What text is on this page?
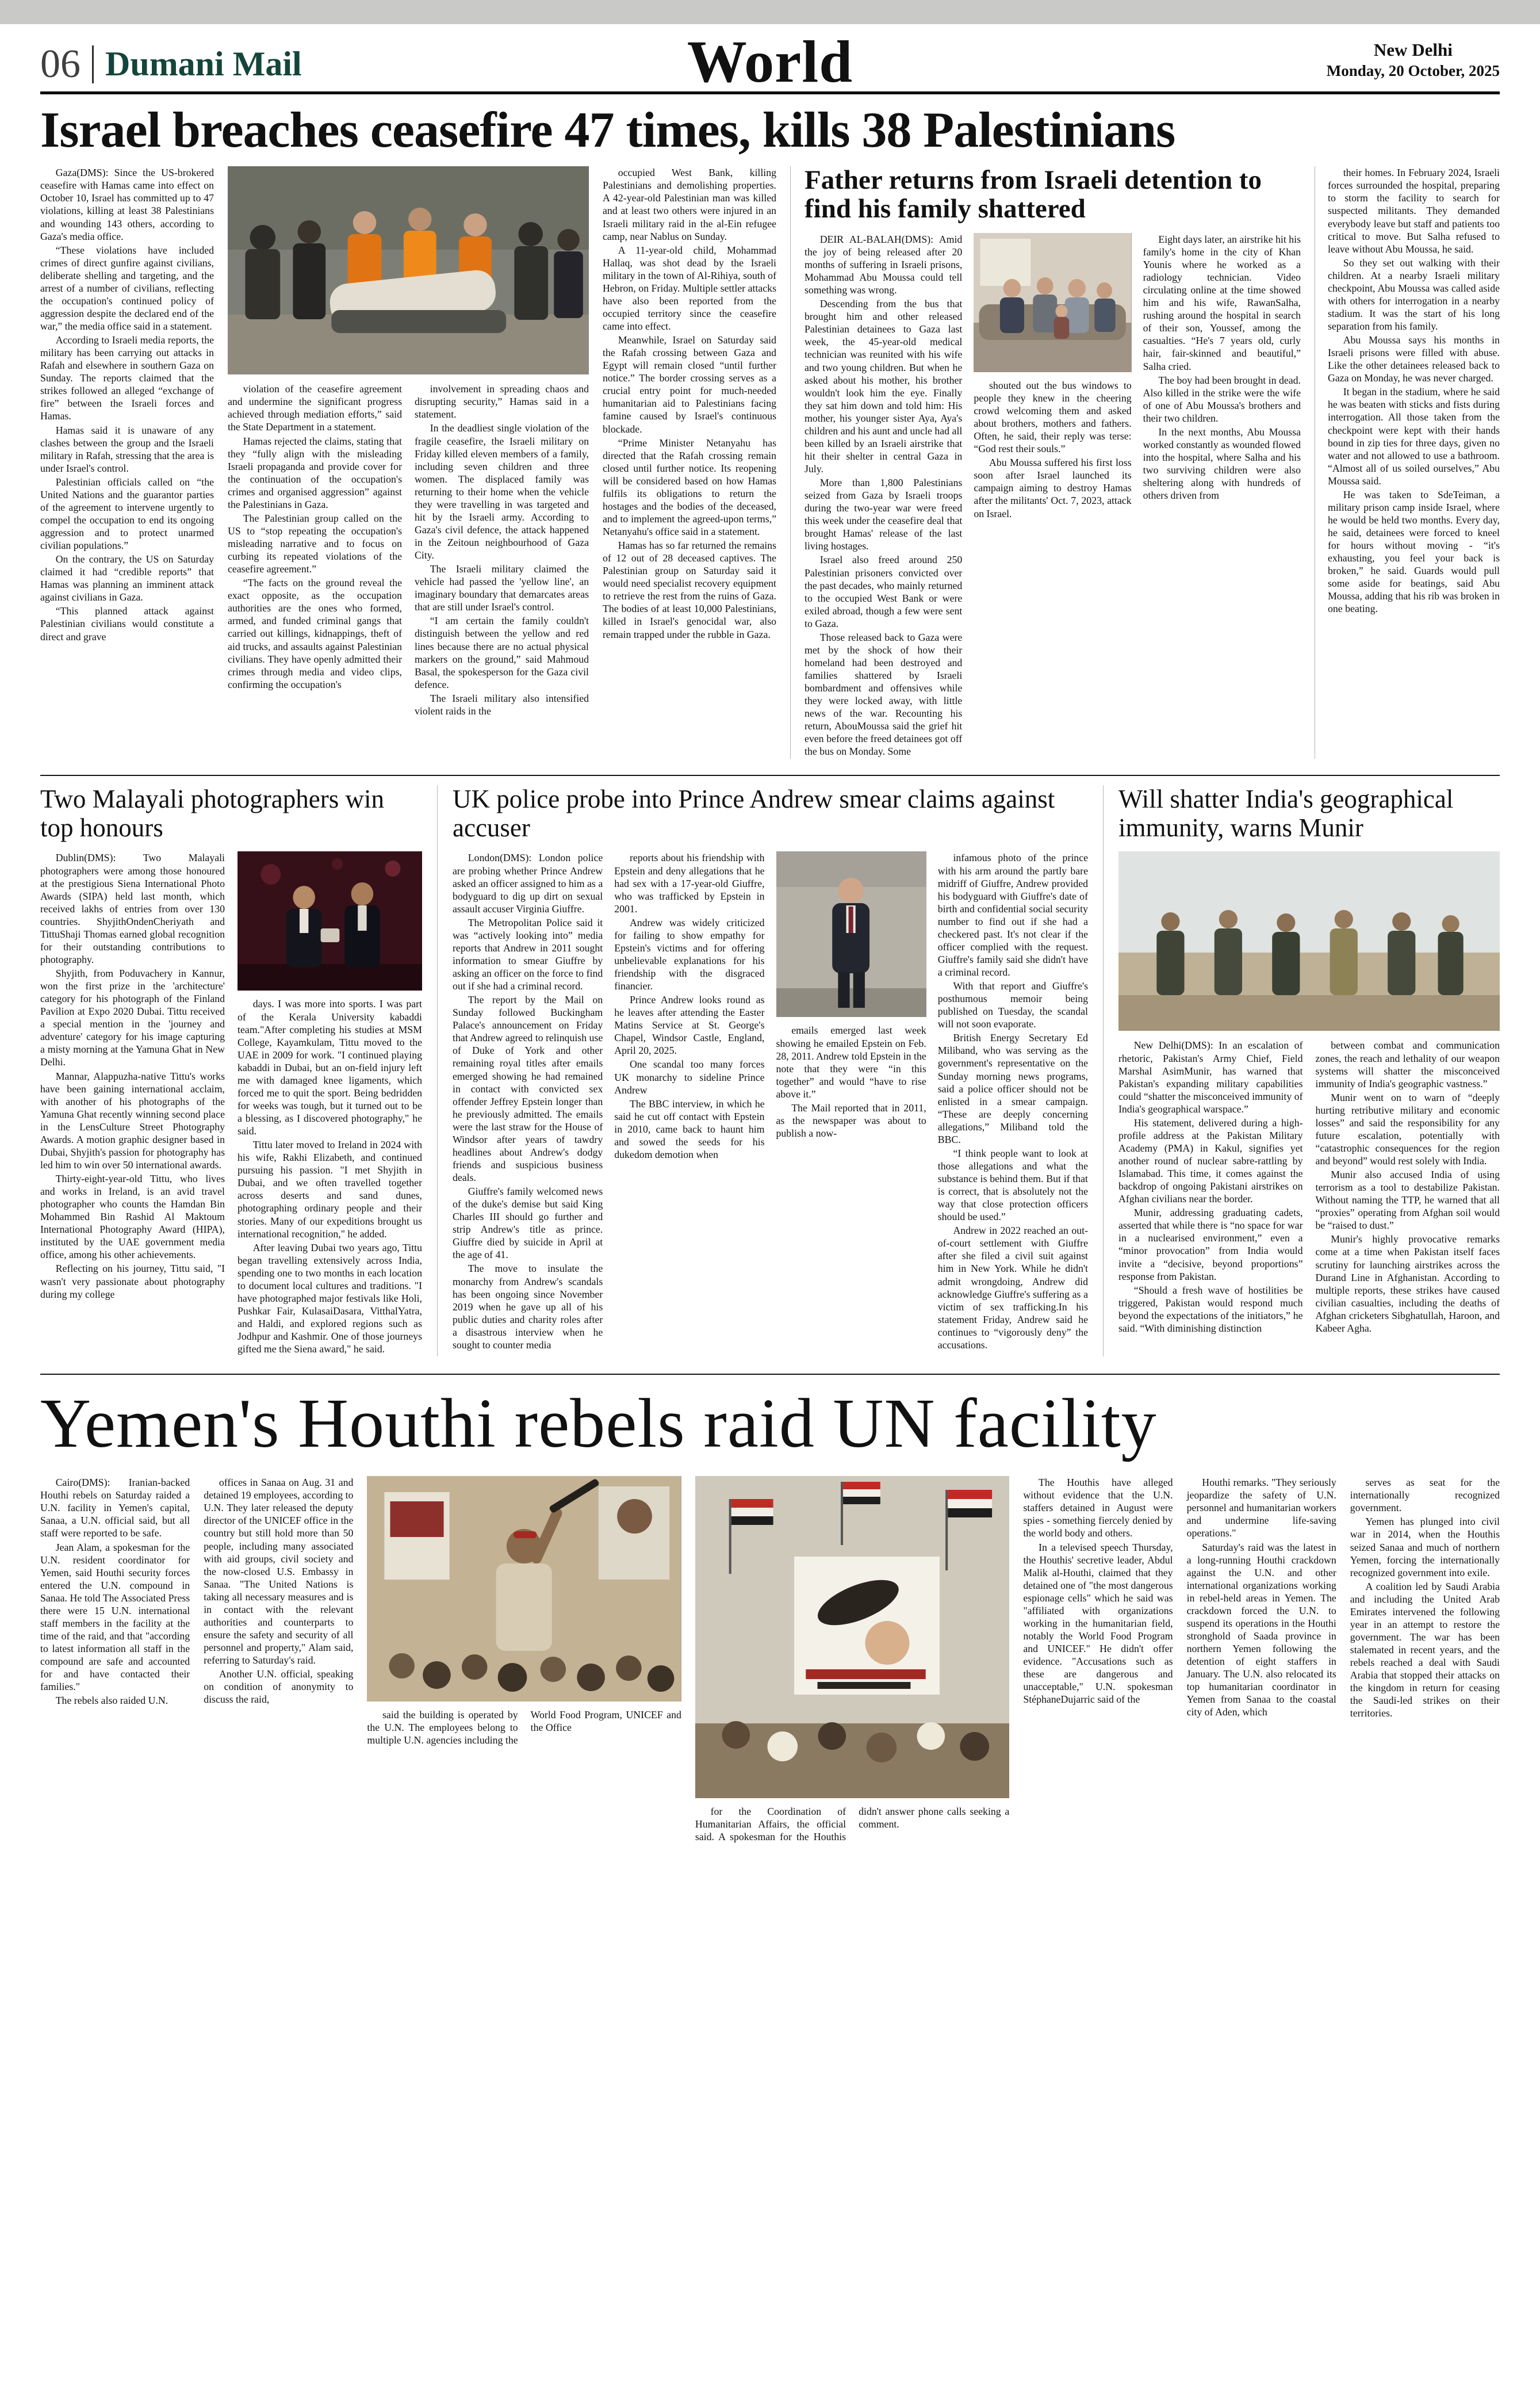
06 Dumani Mail	World	New Delhi
Monday, 20 October, 2025
Israel breaches ceasefire 47 times, kills 38 Palestinians

Gaza(DMS): Since the US-brokered ceasefire with Hamas came into effect on October 10, Israel has committed up to 47 violations, killing at least 38 Palestinians and wounding 143 others, according to Gaza's media office.

“These violations have included crimes of direct gunfire against civilians, deliberate shelling and targeting, and the arrest of a number of civilians, reflecting the occupation's continued policy of aggression despite the declared end of the war,” the media office said in a statement.

According to Israeli media reports, the military has been carrying out attacks in Rafah and elsewhere in southern Gaza on Sunday. The reports claimed that the strikes followed an alleged “exchange of fire” between the Israeli forces and Hamas.

Hamas said it is unaware of any clashes between the group and the Israeli military in Rafah, stressing that the area is under Israel's control.

Palestinian officials called on “the United Nations and the guarantor parties of the agreement to intervene urgently to compel the occupation to end its ongoing aggression and to protect unarmed civilian populations.”

On the contrary, the US on Saturday claimed it had “credible reports” that Hamas was planning an imminent attack against civilians in Gaza.

“This planned attack against Palestinian civilians would constitute a direct and grave

violation of the ceasefire agreement and undermine the significant progress achieved through mediation efforts,” said the State Department in a statement.

Hamas rejected the claims, stating that they “fully align with the misleading Israeli propaganda and provide cover for the continuation of the occupation's crimes and organised aggression” against the Palestinians in Gaza.

The Palestinian group called on the US to “stop repeating the occupation's misleading narrative and to focus on curbing its repeated violations of the ceasefire agreement.”

“The facts on the ground reveal the exact opposite, as the occupation authorities are the ones who formed, armed, and funded criminal gangs that carried out killings, kidnappings, theft of aid trucks, and assaults against Palestinian civilians. They have openly admitted their crimes through media and video clips, confirming the occupation's

involvement in spreading chaos and disrupting security,” Hamas said in a statement.

In the deadliest single violation of the fragile ceasefire, the Israeli military on Friday killed eleven members of a family, including seven children and three women. The displaced family was returning to their home when the vehicle they were travelling in was targeted and hit by the Israeli army. According to Gaza's civil defence, the attack happened in the Zeitoun neighbourhood of Gaza City.

The Israeli military claimed the vehicle had passed the 'yellow line', an imaginary boundary that demarcates areas that are still under Israel's control.

“I am certain the family couldn't distinguish between the yellow and red lines because there are no actual physical markers on the ground,” said Mahmoud Basal, the spokesperson for the Gaza civil defence.

The Israeli military also intensified violent raids in the

occupied West Bank, killing Palestinians and demolishing properties. A 42-year-old Palestinian man was killed and at least two others were injured in an Israeli military raid in the al-Ein refugee camp, near Nablus on Sunday.

A 11-year-old child, Mohammad Hallaq, was shot dead by the Israeli military in the town of Al-Rihiya, south of Hebron, on Friday. Multiple settler attacks have also been reported from the occupied territory since the ceasefire came into effect.

Meanwhile, Israel on Saturday said the Rafah crossing between Gaza and Egypt will remain closed “until further notice.” The border crossing serves as a crucial entry point for much-needed humanitarian aid to Palestinians facing famine caused by Israel's continuous blockade.

“Prime Minister Netanyahu has directed that the Rafah crossing remain closed until further notice. Its reopening will be considered based on how Hamas fulfils its obligations to return the hostages and the bodies of the deceased, and to implement the agreed-upon terms,” Netanyahu's office said in a statement.

Hamas has so far returned the remains of 12 out of 28 deceased captives. The Palestinian group on Saturday said it would need specialist recovery equipment to retrieve the rest from the ruins of Gaza. The bodies of at least 10,000 Palestinians, killed in Israel's genocidal war, also remain trapped under the rubble in Gaza.

Father returns from Israeli detention to find his family shattered

DEIR AL-BALAH(DMS): Amid the joy of being released after 20 months of suffering in Israeli prisons, Mohammad Abu Moussa could tell something was wrong.

Descending from the bus that brought him and other released Palestinian detainees to Gaza last week, the 45-year-old medical technician was reunited with his wife and two young children. But when he asked about his mother, his brother wouldn't look him the eye. Finally they sat him down and told him: His mother, his younger sister Aya, Aya's children and his aunt and uncle had all been killed by an Israeli airstrike that hit their shelter in central Gaza in July.

More than 1,800 Palestinians seized from Gaza by Israeli troops during the two-year war were freed this week under the ceasefire deal that brought Hamas' release of the last living hostages.

Israel also freed around 250 Palestinian prisoners convicted over the past decades, who mainly returned to the occupied West Bank or were exiled abroad, though a few were sent to Gaza.

Those released back to Gaza were met by the shock of how their homeland had been destroyed and families shattered by Israeli bombardment and offensives while they were locked away, with little news of the war. Recounting his return, AbouMoussa said the grief hit even before the freed detainees got off the bus on Monday. Some

shouted out the bus windows to people they knew in the cheering crowd welcoming them and asked about brothers, mothers and fathers. Often, he said, their reply was terse: “God rest their souls.”

Abu Moussa suffered his first loss soon after Israel launched its campaign aiming to destroy Hamas after the militants' Oct. 7, 2023, attack on Israel.

Eight days later, an airstrike hit his family's home in the city of Khan Younis where he worked as a radiology technician. Video circulating online at the time showed him and his wife, RawanSalha, rushing around the hospital in search of their son, Youssef, among the casualties. “He's 7 years old, curly hair, fair-skinned and beautiful,” Salha cried.

The boy had been brought in dead. Also killed in the strike were the wife of one of Abu Moussa's brothers and their two children.

In the next months, Abu Moussa worked constantly as wounded flowed into the hospital, where Salha and his two surviving children were also sheltering along with hundreds of others driven from

their homes. In February 2024, Israeli forces surrounded the hospital, preparing to storm the facility to search for suspected militants. They demanded everybody leave but staff and patients too critical to move. But Salha refused to leave without Abu Moussa, he said.

So they set out walking with their children. At a nearby Israeli military checkpoint, Abu Moussa was called aside with others for interrogation in a nearby stadium. It was the start of his long separation from his family.

Abu Moussa says his months in Israeli prisons were filled with abuse. Like the other detainees released back to Gaza on Monday, he was never charged.

It began in the stadium, where he said he was beaten with sticks and fists during interrogation. All those taken from the checkpoint were kept with their hands bound in zip ties for three days, given no water and not allowed to use a bathroom. “Almost all of us soiled ourselves,” Abu Moussa said.

He was taken to SdeTeiman, a military prison camp inside Israel, where he would be held two months. Every day, he said, detainees were forced to kneel for hours without moving - “it's exhausting, you feel your back is broken,” he said. Guards would pull some aside for beatings, said Abu Moussa, adding that his rib was broken in one beating.

Two Malayali photographers win top honours

Dublin(DMS): Two Malayali photographers were among those honoured at the prestigious Siena International Photo Awards (SIPA) held last month, which received lakhs of entries from over 130 countries. ShyjithOndenCheriyath and TittuShaji Thomas earned global recognition for their outstanding contributions to photography.

Shyjith, from Poduvachery in Kannur, won the first prize in the 'architecture' category for his photograph of the Finland Pavilion at Expo 2020 Dubai. Tittu received a special mention in the 'journey and adventure' category for his image capturing a misty morning at the Yamuna Ghat in New Delhi.

Mannar, Alappuzha-native Tittu's works have been gaining international acclaim, with another of his photographs of the Yamuna Ghat recently winning second place in the LensCulture Street Photography Awards. A motion graphic designer based in Dubai, Shyjith's passion for photography has led him to win over 50 international awards.

Thirty-eight-year-old Tittu, who lives and works in Ireland, is an avid travel photographer who counts the Hamdan Bin Mohammed Bin Rashid Al Maktoum International Photography Award (HIPA), instituted by the UAE government media office, among his other achievements.

Reflecting on his journey, Tittu said, "I wasn't very passionate about photography during my college

days. I was more into sports. I was part of the Kerala University kabaddi team."After completing his studies at MSM College, Kayamkulam, Tittu moved to the UAE in 2009 for work. "I continued playing kabaddi in Dubai, but an on-field injury left me with damaged knee ligaments, which forced me to quit the sport. Being bedridden for weeks was tough, but it turned out to be a blessing, as I discovered photography," he said.

Tittu later moved to Ireland in 2024 with his wife, Rakhi Elizabeth, and continued pursuing his passion. "I met Shyjith in Dubai, and we often travelled together across deserts and sand dunes, photographing ordinary people and their stories. Many of our expeditions brought us international recognition," he added.

After leaving Dubai two years ago, Tittu began travelling extensively across India, spending one to two months in each location to document local cultures and traditions. "I have photographed major festivals like Holi, Pushkar Fair, KulasaiDasara, VitthalYatra, and Haldi, and explored regions such as Jodhpur and Kashmir. One of those journeys gifted me the Siena award," he said.

UK police probe into Prince Andrew smear claims against accuser

London(DMS): London police are probing whether Prince Andrew asked an officer assigned to him as a bodyguard to dig up dirt on sexual assault accuser Virginia Giuffre.

The Metropolitan Police said it was “actively looking into” media reports that Andrew in 2011 sought information to smear Giuffre by asking an officer on the force to find out if she had a criminal record.

The report by the Mail on Sunday followed Buckingham Palace's announcement on Friday that Andrew agreed to relinquish use of Duke of York and other remaining royal titles after emails emerged showing he had remained in contact with convicted sex offender Jeffrey Epstein longer than he previously admitted. The emails were the last straw for the House of Windsor after years of tawdry headlines about Andrew's dodgy friends and suspicious business deals.

Giuffre's family welcomed news of the duke's demise but said King Charles III should go further and strip Andrew's title as prince. Giuffre died by suicide in April at the age of 41.

The move to insulate the monarchy from Andrew's scandals has been ongoing since November 2019 when he gave up all of his public duties and charity roles after a disastrous interview when he sought to counter media

reports about his friendship with Epstein and deny allegations that he had sex with a 17-year-old Giuffre, who was trafficked by Epstein in 2001.

Andrew was widely criticized for failing to show empathy for Epstein's victims and for offering unbelievable explanations for his friendship with the disgraced financier.

Prince Andrew looks round as he leaves after attending the Easter Matins Service at St. George's Chapel, Windsor Castle, England, April 20, 2025.

One scandal too many forces UK monarchy to sideline Prince Andrew

The BBC interview, in which he said he cut off contact with Epstein in 2010, came back to haunt him and sowed the seeds for his dukedom demotion when

emails emerged last week showing he emailed Epstein on Feb. 28, 2011. Andrew told Epstein in the note that they were “in this together” and would “have to rise above it.”

The Mail reported that in 2011, as the newspaper was about to publish a now-

infamous photo of the prince with his arm around the partly bare midriff of Giuffre, Andrew provided his bodyguard with Giuffre's date of birth and confidential social security number to find out if she had a checkered past. It's not clear if the officer complied with the request. Giuffre's family said she didn't have a criminal record.

With that report and Giuffre's posthumous memoir being published on Tuesday, the scandal will not soon evaporate.

British Energy Secretary Ed Miliband, who was serving as the government's representative on the Sunday morning news programs, said a police officer should not be enlisted in a smear campaign. “These are deeply concerning allegations,” Miliband told the BBC.

“I think people want to look at those allegations and what the substance is behind them. But if that is correct, that is absolutely not the way that close protection officers should be used.”

Andrew in 2022 reached an out-of-court settlement with Giuffre after she filed a civil suit against him in New York. While he didn't admit wrongdoing, Andrew did acknowledge Giuffre's suffering as a victim of sex trafficking.In his statement Friday, Andrew said he continues to “vigorously deny” the accusations.

Will shatter India's geographical immunity, warns Munir

New Delhi(DMS): In an escalation of rhetoric, Pakistan's Army Chief, Field Marshal AsimMunir, has warned that Pakistan's expanding military capabilities could “shatter the misconceived immunity of India's geographical warspace.”

His statement, delivered during a high-profile address at the Pakistan Military Academy (PMA) in Kakul, signifies yet another round of nuclear sabre-rattling by Islamabad. This time, it comes against the backdrop of ongoing Pakistani airstrikes on Afghan civilians near the border.

Munir, addressing graduating cadets, asserted that while there is “no space for war in a nuclearised environment,” even a “minor provocation” from India would invite a “decisive, beyond proportions” response from Pakistan.

“Should a fresh wave of hostilities be triggered, Pakistan would respond much beyond the expectations of the initiators,” he said. “With diminishing distinction

between combat and communication zones, the reach and lethality of our weapon systems will shatter the misconceived immunity of India's geographic vastness.”

Munir went on to warn of “deeply hurting retributive military and economic losses” and said the responsibility for any future escalation, potentially with “catastrophic consequences for the region and beyond” would rest solely with India.

Munir also accused India of using terrorism as a tool to destabilize Pakistan. Without naming the TTP, he warned that all “proxies” operating from Afghan soil would be “raised to dust.”

Munir's highly provocative remarks come at a time when Pakistan itself faces scrutiny for launching airstrikes across the Durand Line in Afghanistan. According to multiple reports, these strikes have caused civilian casualties, including the deaths of Afghan cricketers Sibghatullah, Haroon, and Kabeer Agha.

Yemen's Houthi rebels raid UN facility

Cairo(DMS): Iranian-backed Houthi rebels on Saturday raided a U.N. facility in Yemen's capital, Sanaa, a U.N. official said, but all staff were reported to be safe.

Jean Alam, a spokesman for the U.N. resident coordinator for Yemen, said Houthi security forces entered the U.N. compound in Sanaa. He told The Associated Press there were 15 U.N. international staff members in the facility at the time of the raid, and that "according to latest information all staff in the compound are safe and accounted for and have contacted their families."

The rebels also raided U.N.

offices in Sanaa on Aug. 31 and detained 19 employees, according to U.N. They later released the deputy director of the UNICEF office in the country but still hold more than 50 people, including many associated with aid groups, civil society and the now-closed U.S. Embassy in Sanaa. "The United Nations is taking all necessary measures and is in contact with the relevant authorities and counterparts to ensure the safety and security of all personnel and property," Alam said, referring to Saturday's raid.

Another U.N. official, speaking on condition of anonymity to discuss the raid,

said the building is operated by the U.N. The employees belong to multiple U.N. agencies including the World Food Program, UNICEF and the Office

for the Coordination of Humanitarian Affairs, the official said. A spokesman for the Houthis didn't answer phone calls seeking a comment.

The Houthis have alleged without evidence that the U.N. staffers detained in August were spies - something fiercely denied by the world body and others.

In a televised speech Thursday, the Houthis' secretive leader, Abdul Malik al-Houthi, claimed that they detained one of "the most dangerous espionage cells" which he said was "affiliated with organizations working in the humanitarian field, notably the World Food Program and UNICEF." He didn't offer evidence. "Accusations such as these are dangerous and unacceptable," U.N. spokesman StéphaneDujarric said of the

Houthi remarks. "They seriously jeopardize the safety of U.N. personnel and humanitarian workers and undermine life-saving operations."

Saturday's raid was the latest in a long-running Houthi crackdown against the U.N. and other international organizations working in rebel-held areas in Yemen. The crackdown forced the U.N. to suspend its operations in the Houthi stronghold of Saada province in northern Yemen following the detention of eight staffers in January. The U.N. also relocated its top humanitarian coordinator in Yemen from Sanaa to the coastal city of Aden, which

serves as seat for the internationally recognized government.

Yemen has plunged into civil war in 2014, when the Houthis seized Sanaa and much of northern Yemen, forcing the internationally recognized government into exile.

A coalition led by Saudi Arabia and including the United Arab Emirates intervened the following year in an attempt to restore the government. The war has been stalemated in recent years, and the rebels reached a deal with Saudi Arabia that stopped their attacks on the kingdom in return for ceasing the Saudi-led strikes on their territories.
